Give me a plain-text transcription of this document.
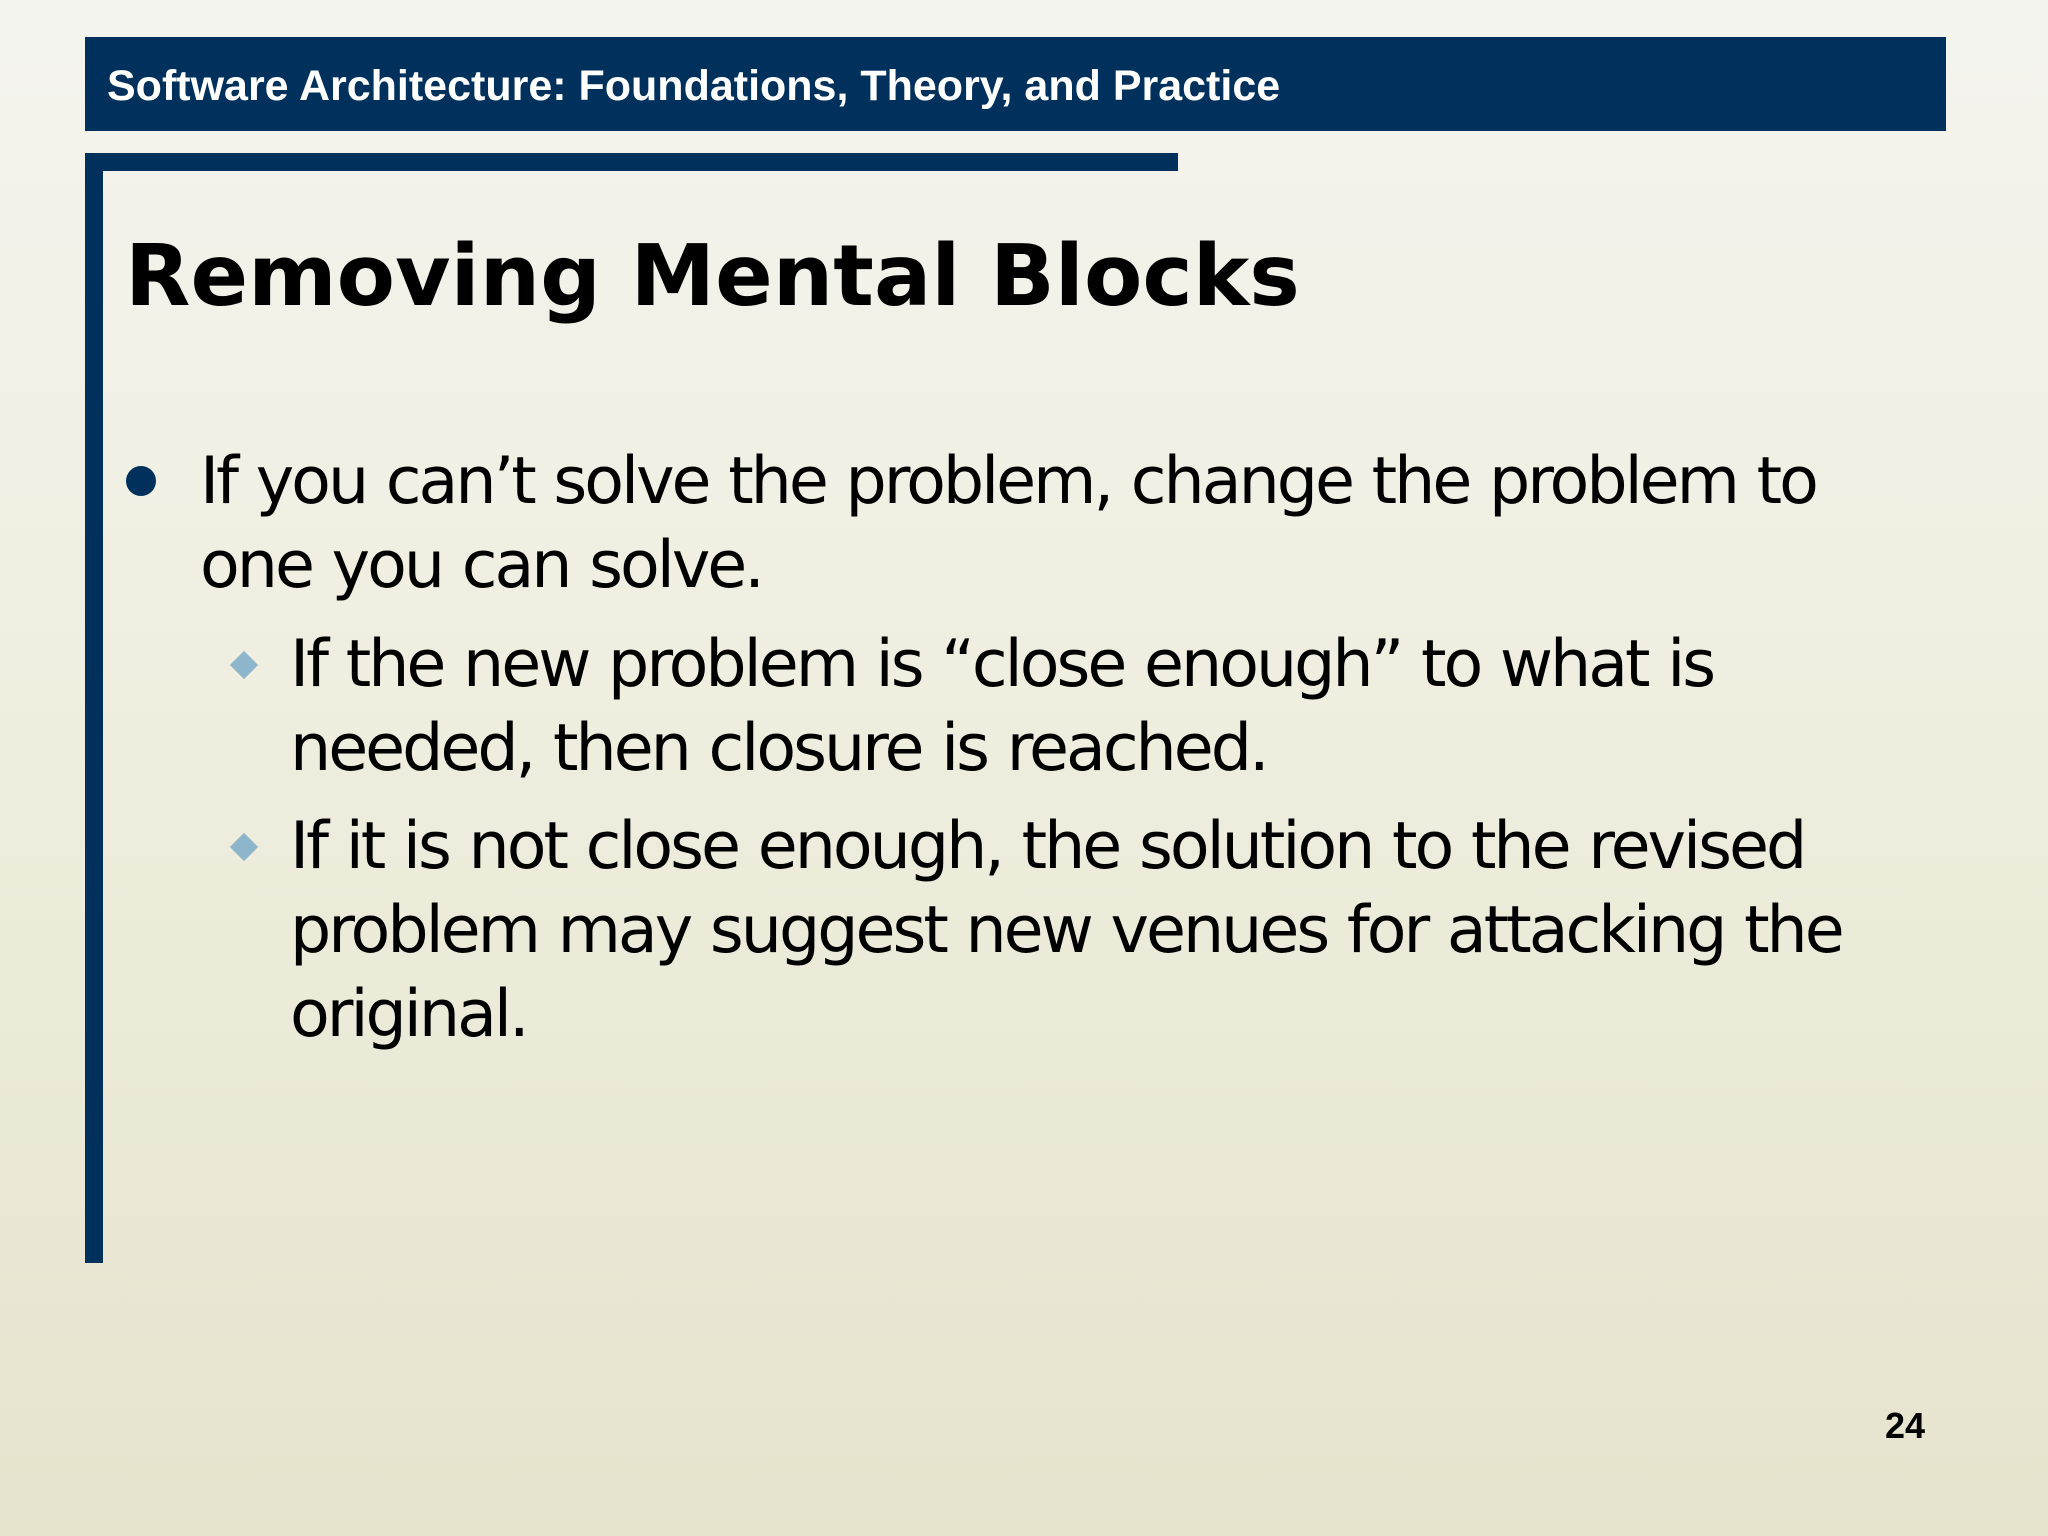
Software Architecture: Foundations, Theory, and Practice
Removing Mental Blocks
If you can’t solve the problem, change the problem to one you can solve.
If the new problem is “close enough” to what is needed, then closure is reached.
If it is not close enough, the solution to the revised problem may suggest new venues for attacking the original.
24
